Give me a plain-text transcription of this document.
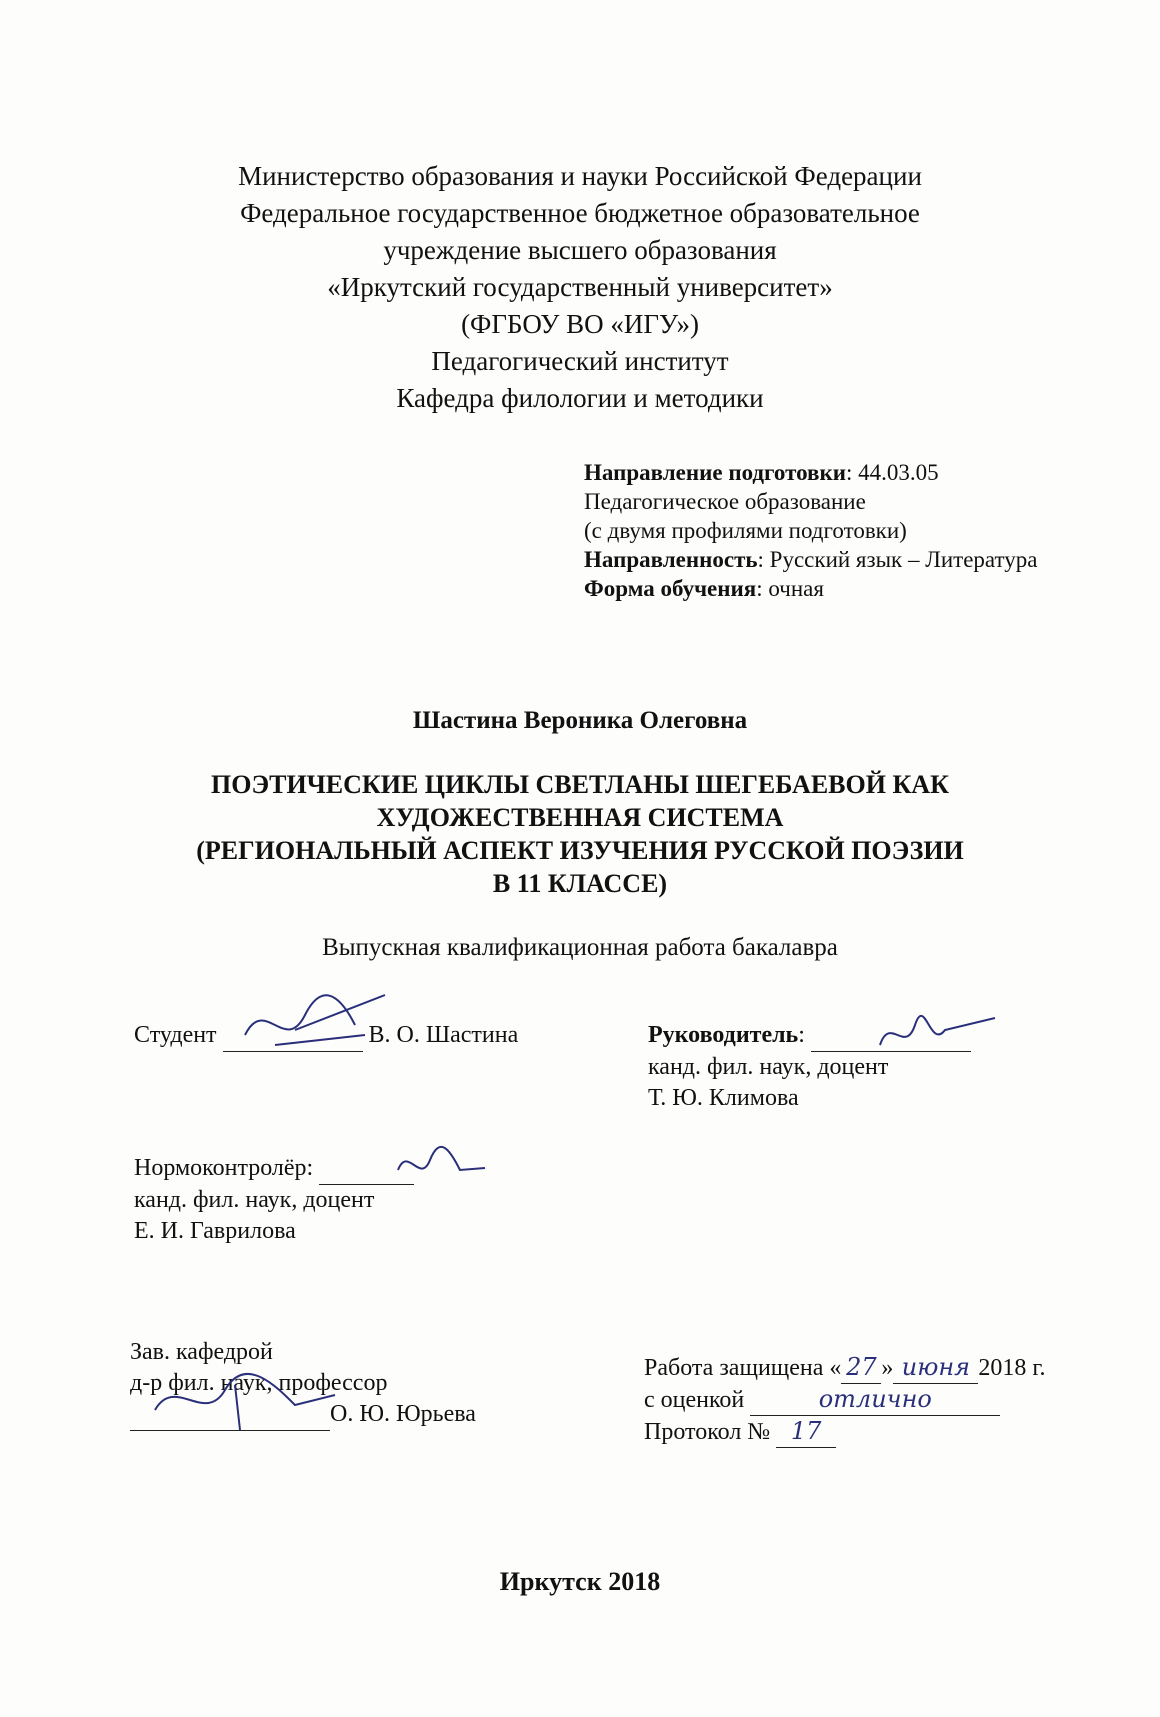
Министерство образования и науки Российской Федерации
Федеральное государственное бюджетное образовательное
учреждение высшего образования
«Иркутский государственный университет»
(ФГБОУ ВО «ИГУ»)
Педагогический институт
Кафедра филологии и методики
Направление подготовки: 44.03.05
Педагогическое образование
(с двумя профилями подготовки)
Направленность: Русский язык – Литература
Форма обучения: очная
Шастина Вероника Олеговна
ПОЭТИЧЕСКИЕ ЦИКЛЫ СВЕТЛАНЫ ШЕГЕБАЕВОЙ КАК
ХУДОЖЕСТВЕННАЯ СИСТЕМА
(РЕГИОНАЛЬНЫЙ АСПЕКТ ИЗУЧЕНИЯ РУССКОЙ ПОЭЗИИ
В 11 КЛАССЕ)
Выпускная квалификационная работа бакалавра
Студент	В. О. Шастина	Руководитель:
канд. фил. наук, доцент
Т. Ю. Климова
Нормоконтролёр:
канд. фил. наук, доцент
Е. И. Гаврилова
Зав. кафедрой
д-р фил. наук, профессор
О. Ю. Юрьева
Работа защищена « 27 » июня 2018 г.
с оценкой	отлично
Протокол № 17
Иркутск 2018
